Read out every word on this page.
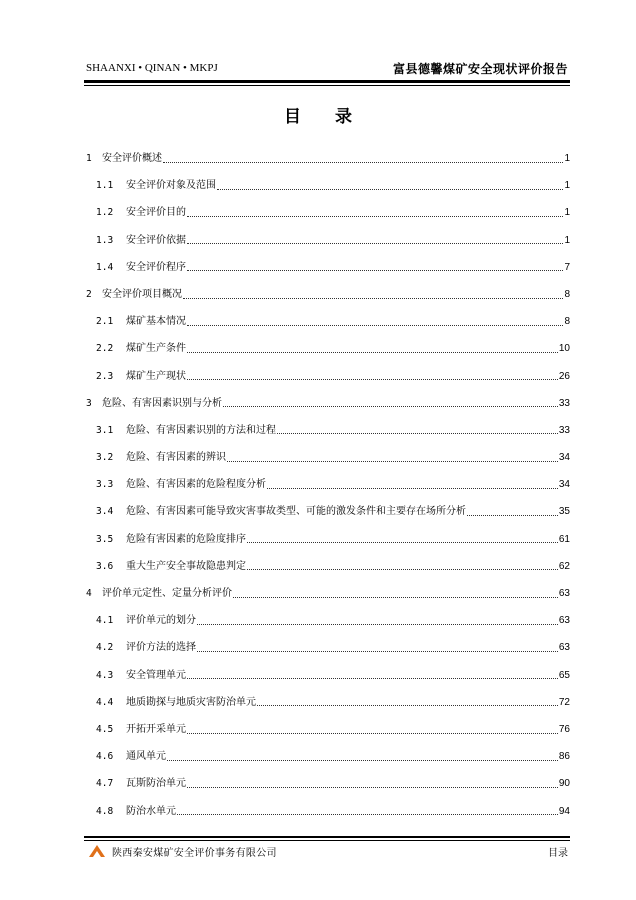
SHAANXI • QINAN • MKPJ	富县德馨煤矿安全现状评价报告
目 录
1	安全评价概述	1
1.1	安全评价对象及范围	1
1.2	安全评价目的	1
1.3	安全评价依据	1
1.4	安全评价程序	7
2	安全评价项目概况	8
2.1	煤矿基本情况	8
2.2	煤矿生产条件	10
2.3	煤矿生产现状	26
3	危险、有害因素识别与分析	33
3.1	危险、有害因素识别的方法和过程	33
3.2	危险、有害因素的辨识	34
3.3	危险、有害因素的危险程度分析	34
3.4	危险、有害因素可能导致灾害事故类型、可能的激发条件和主要存在场所分析	35
3.5	危险有害因素的危险度排序	61
3.6	重大生产安全事故隐患判定	62
4	评价单元定性、定量分析评价	63
4.1	评价单元的划分	63
4.2	评价方法的选择	63
4.3	安全管理单元	65
4.4	地质勘探与地质灾害防治单元	72
4.5	开拓开采单元	76
4.6	通风单元	86
4.7	瓦斯防治单元	90
4.8	防治水单元	94
陕西秦安煤矿安全评价事务有限公司	目录
